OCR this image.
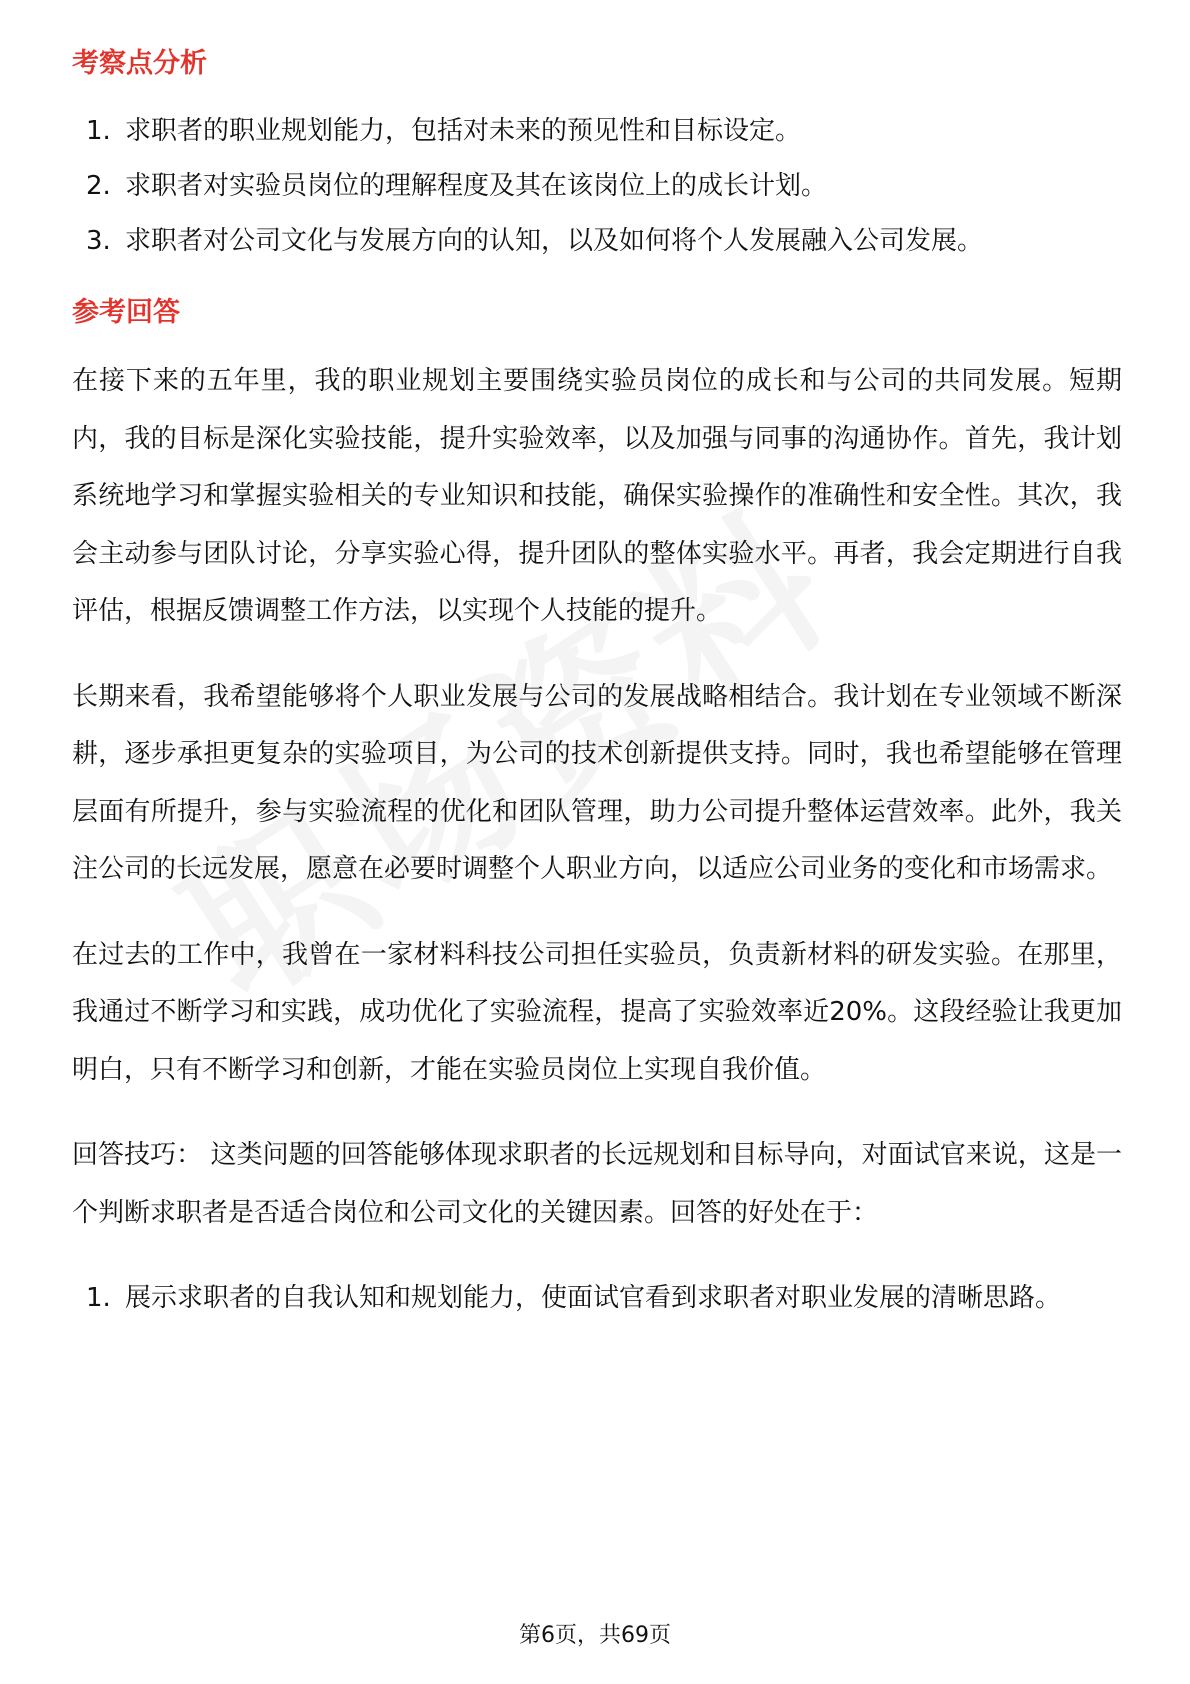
考察点分析
1. 求职者的职业规划能力，包括对未来的预见性和目标设定。
2. 求职者对实验员岗位的理解程度及其在该岗位上的成长计划。
3. 求职者对公司文化与发展方向的认知，以及如何将个人发展融入公司发展。
参考回答

在接下来的五年里，我的职业规划主要围绕实验员岗位的成长和与公司的共同发展。短期内，我的目标是深化实验技能，提升实验效率，以及加强与同事的沟通协作。首先，我计划系统地学习和掌握实验相关的专业知识和技能，确保实验操作的准确性和安全性。其次，我会主动参与团队讨论，分享实验心得，提升团队的整体实验水平。再者，我会定期进行自我评估，根据反馈调整工作方法，以实现个人技能的提升。

长期来看，我希望能够将个人职业发展与公司的发展战略相结合。我计划在专业领域不断深耕，逐步承担更复杂的实验项目，为公司的技术创新提供支持。同时，我也希望能够在管理层面有所提升，参与实验流程的优化和团队管理，助力公司提升整体运营效率。此外，我关注公司的长远发展，愿意在必要时调整个人职业方向，以适应公司业务的变化和市场需求。

在过去的工作中，我曾在一家材料科技公司担任实验员，负责新材料的研发实验。在那里，我通过不断学习和实践，成功优化了实验流程，提高了实验效率近20%。这段经验让我更加明白，只有不断学习和创新，才能在实验员岗位上实现自我价值。

回答技巧： 这类问题的回答能够体现求职者的长远规划和目标导向，对面试官来说，这是一个判断求职者是否适合岗位和公司文化的关键因素。回答的好处在于：

1. 展示求职者的自我认知和规划能力，使面试官看到求职者对职业发展的清晰思路。
第6页，共69页
